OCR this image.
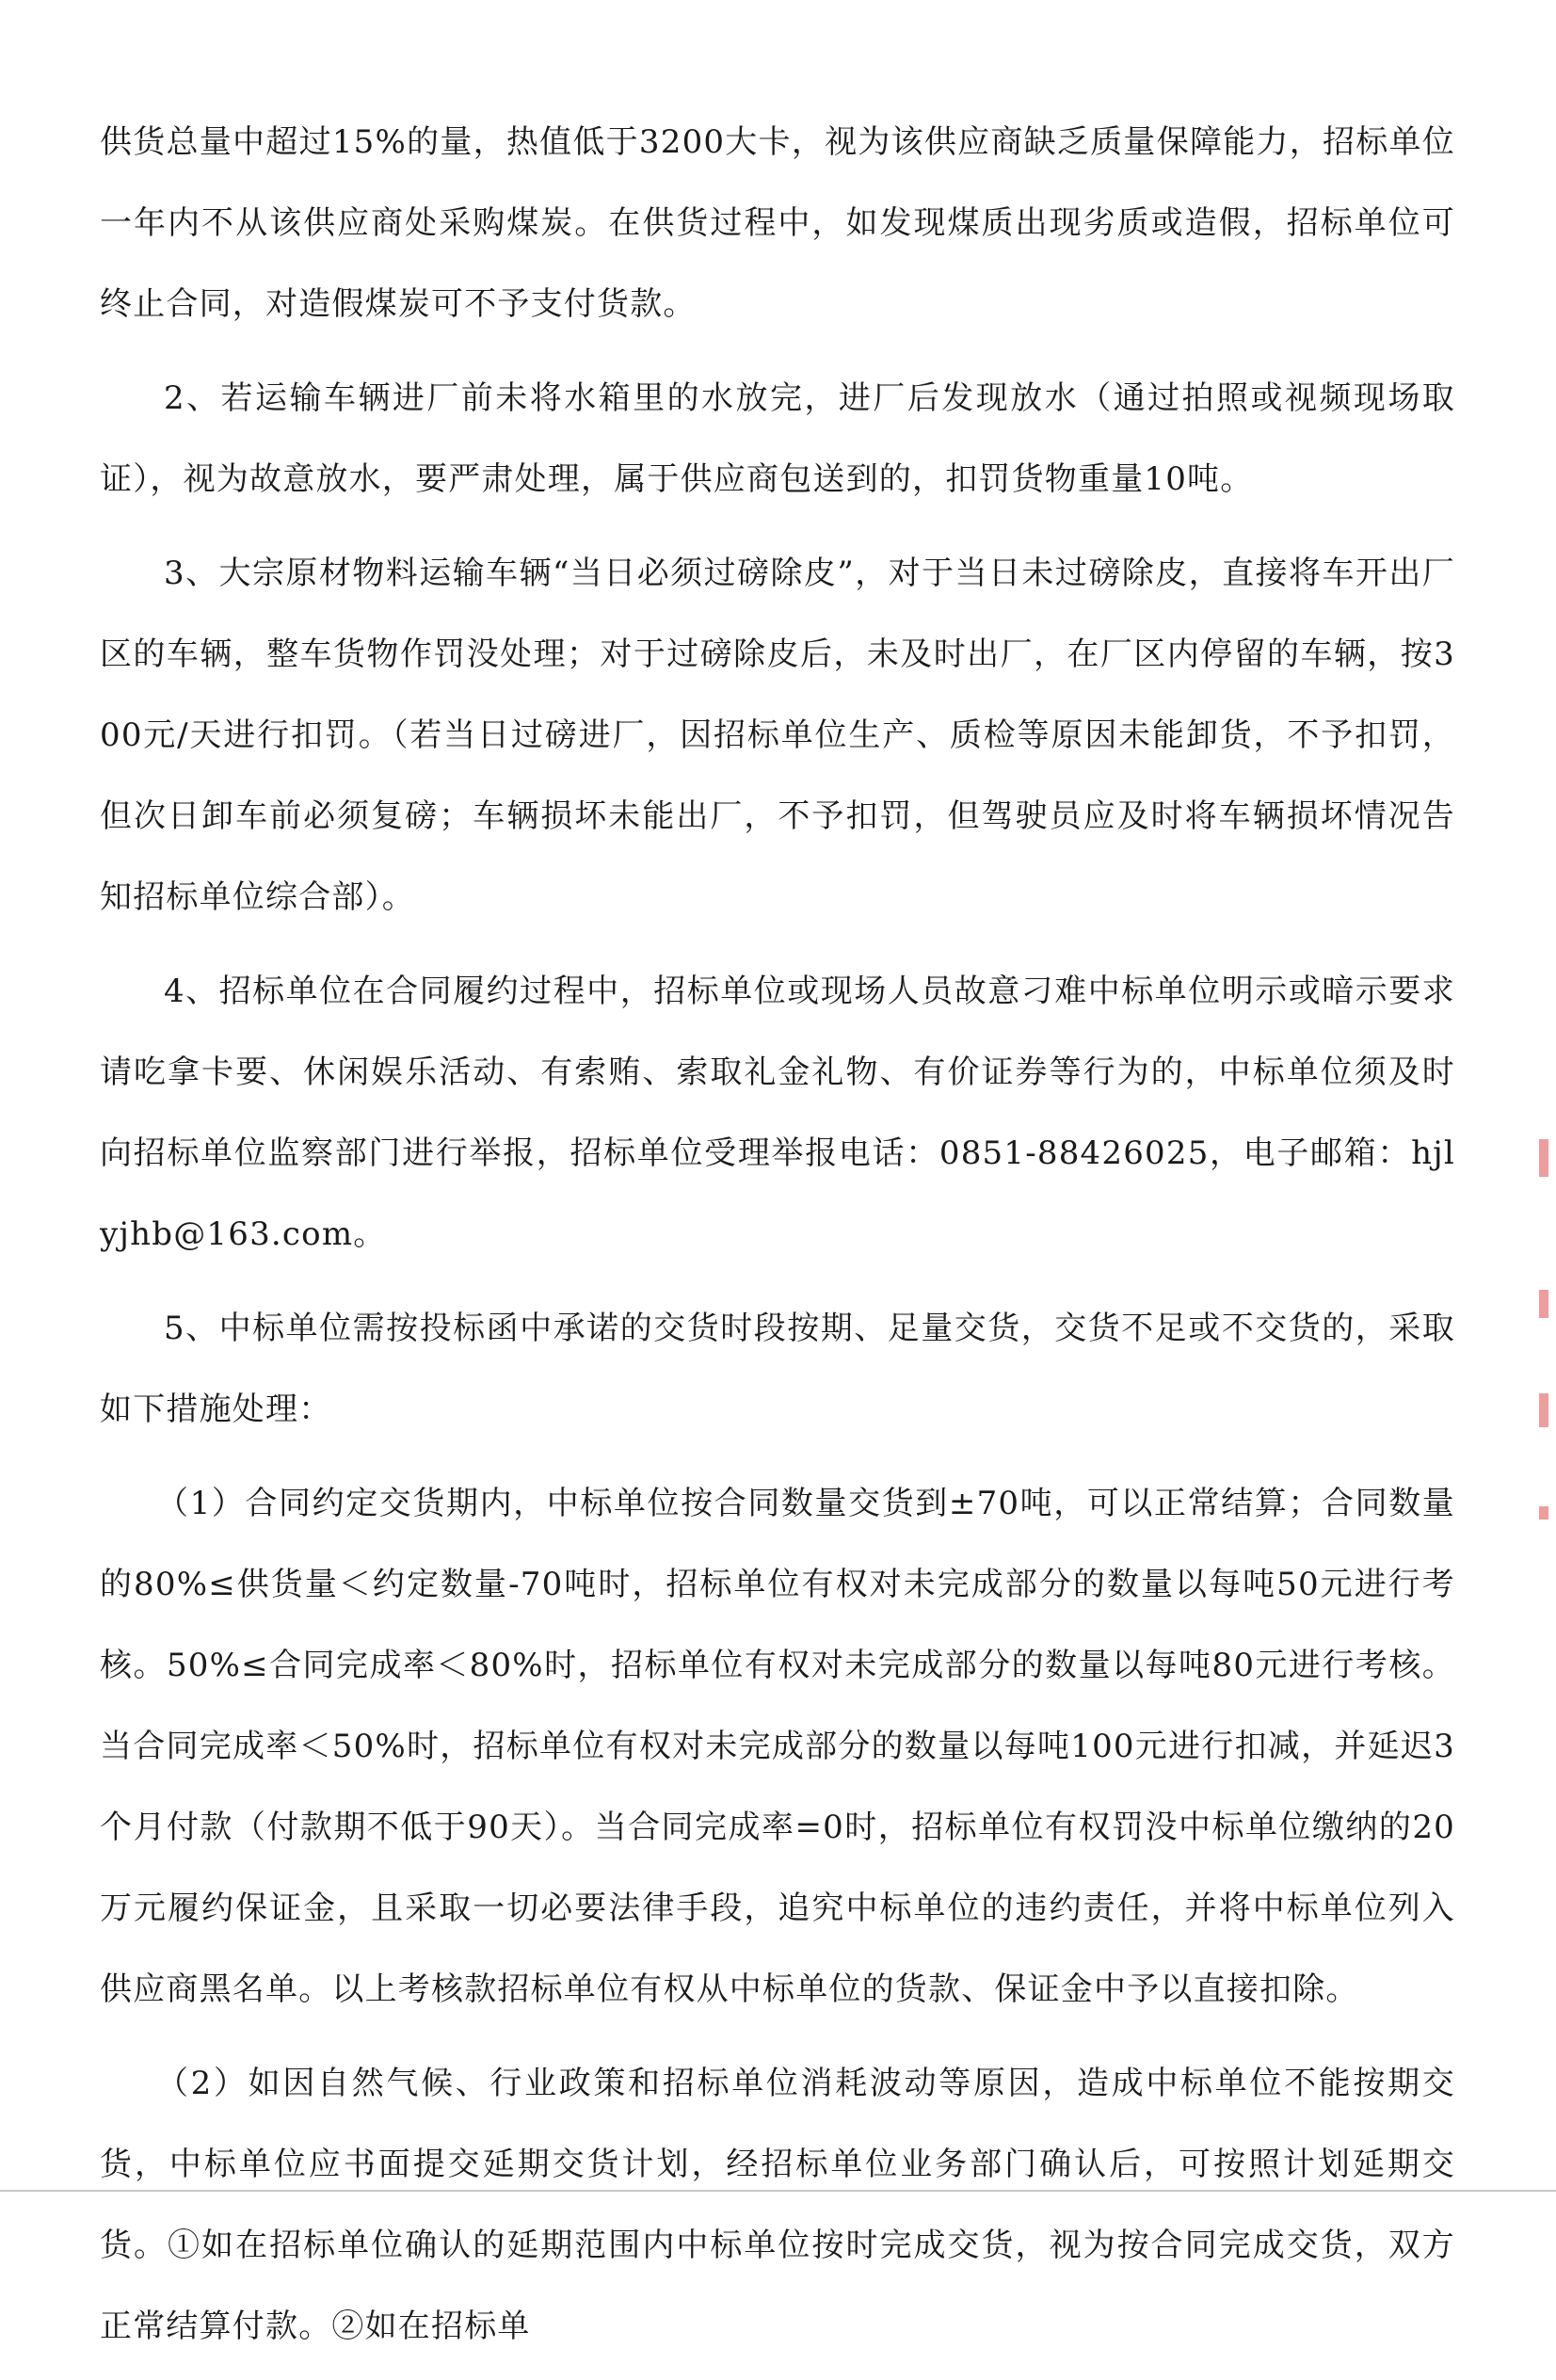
供货总量中超过15%的量，热值低于3200大卡，视为该供应商缺乏质量保障能力，招标单位一年内不从该供应商处采购煤炭。在供货过程中，如发现煤质出现劣质或造假，招标单位可终止合同，对造假煤炭可不予支付货款。

2、若运输车辆进厂前未将水箱里的水放完，进厂后发现放水（通过拍照或视频现场取证），视为故意放水，要严肃处理，属于供应商包送到的，扣罚货物重量10吨。

3、大宗原材物料运输车辆“当日必须过磅除皮”，对于当日未过磅除皮，直接将车开出厂区的车辆，整车货物作罚没处理；对于过磅除皮后，未及时出厂，在厂区内停留的车辆，按300元/天进行扣罚。（若当日过磅进厂，因招标单位生产、质检等原因未能卸货，不予扣罚，但次日卸车前必须复磅；车辆损坏未能出厂，不予扣罚，但驾驶员应及时将车辆损坏情况告知招标单位综合部）。

4、招标单位在合同履约过程中，招标单位或现场人员故意刁难中标单位明示或暗示要求请吃拿卡要、休闲娱乐活动、有索贿、索取礼金礼物、有价证券等行为的，中标单位须及时向招标单位监察部门进行举报，招标单位受理举报电话：0851-88426025，电子邮箱：hjlyjhb@163.com。

5、中标单位需按投标函中承诺的交货时段按期、足量交货，交货不足或不交货的，采取如下措施处理：

（1）合同约定交货期内，中标单位按合同数量交货到±70吨，可以正常结算；合同数量的80%≤供货量＜约定数量-70吨时，招标单位有权对未完成部分的数量以每吨50元进行考核。50%≤合同完成率＜80%时，招标单位有权对未完成部分的数量以每吨80元进行考核。当合同完成率＜50%时，招标单位有权对未完成部分的数量以每吨100元进行扣减，并延迟3个月付款（付款期不低于90天）。当合同完成率=0时，招标单位有权罚没中标单位缴纳的20万元履约保证金，且采取一切必要法律手段，追究中标单位的违约责任，并将中标单位列入供应商黑名单。以上考核款招标单位有权从中标单位的货款、保证金中予以直接扣除。

（2）如因自然气候、行业政策和招标单位消耗波动等原因，造成中标单位不能按期交货，中标单位应书面提交延期交货计划，经招标单位业务部门确认后，可按照计划延期交货。①如在招标单位确认的延期范围内中标单位按时完成交货，视为按合同完成交货，双方正常结算付款。②如在招标单
